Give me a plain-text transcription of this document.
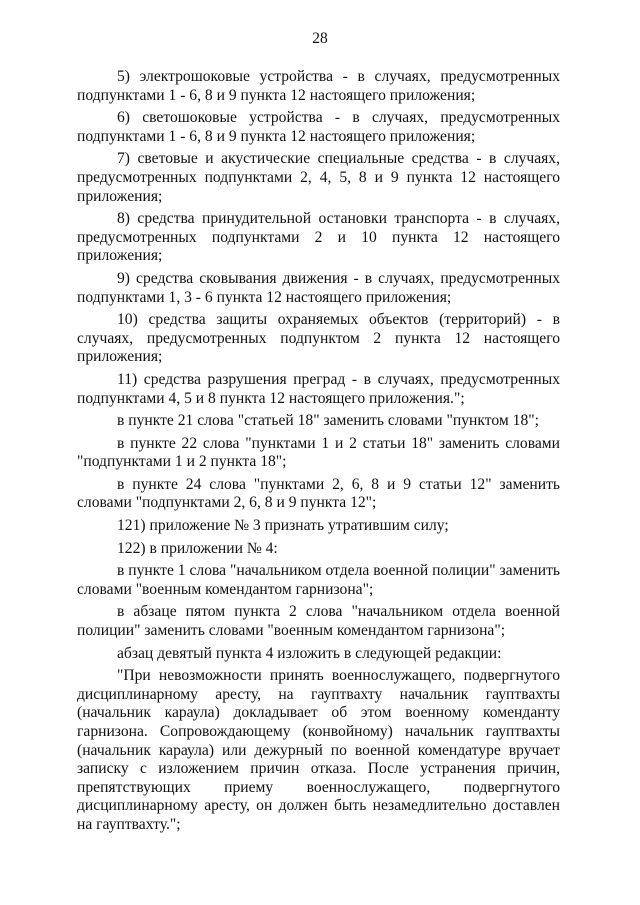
28

5) электрошоковые устройства - в случаях, предусмотренных подпунктами 1 - 6, 8 и 9 пункта 12 настоящего приложения;

6) светошоковые устройства - в случаях, предусмотренных подпунктами 1 - 6, 8 и 9 пункта 12 настоящего приложения;

7) световые и акустические специальные средства - в случаях, предусмотренных подпунктами 2, 4, 5, 8 и 9 пункта 12 настоящего приложения;

8) средства принудительной остановки транспорта - в случаях, предусмотренных подпунктами 2 и 10 пункта 12 настоящего приложения;

9) средства сковывания движения - в случаях, предусмотренных подпунктами 1, 3 - 6 пункта 12 настоящего приложения;

10) средства защиты охраняемых объектов (территорий) - в случаях, предусмотренных подпунктом 2 пункта 12 настоящего приложения;

11) средства разрушения преград - в случаях, предусмотренных подпунктами 4, 5 и 8 пункта 12 настоящего приложения.";

в пункте 21 слова "статьей 18" заменить словами "пунктом 18";

в пункте 22 слова "пунктами 1 и 2 статьи 18" заменить словами "подпунктами 1 и 2 пункта 18";

в пункте 24 слова "пунктами 2, 6, 8 и 9 статьи 12" заменить словами "подпунктами 2, 6, 8 и 9 пункта 12";

121) приложение № 3 признать утратившим силу;

122) в приложении № 4:

в пункте 1 слова "начальником отдела военной полиции" заменить словами "военным комендантом гарнизона";

в абзаце пятом пункта 2 слова "начальником отдела военной полиции" заменить словами "военным комендантом гарнизона";

абзац девятый пункта 4 изложить в следующей редакции:

"При невозможности принять военнослужащего, подвергнутого дисциплинарному аресту, на гауптвахту начальник гауптвахты (начальник караула) докладывает об этом военному коменданту гарнизона. Сопровождающему (конвойному) начальник гауптвахты (начальник караула) или дежурный по военной комендатуре вручает записку с изложением причин отказа. После устранения причин, препятствующих приему военнослужащего, подвергнутого дисциплинарному аресту, он должен быть незамедлительно доставлен на гауптвахту.";
